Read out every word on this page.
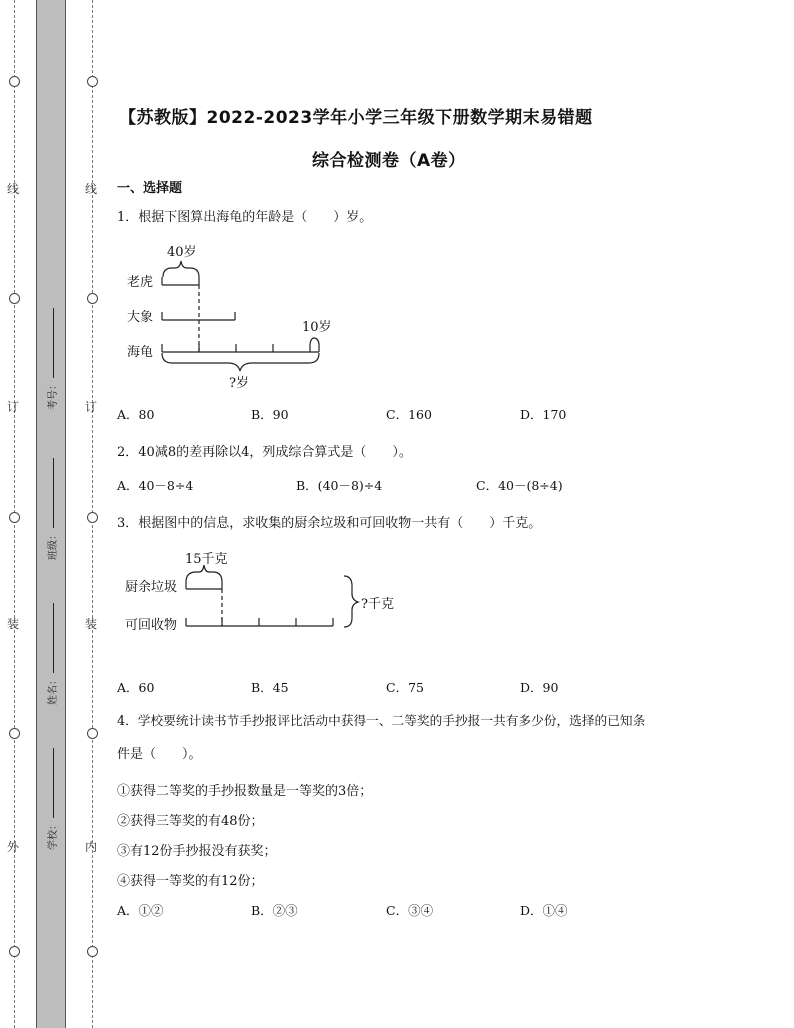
线
订
装
外
线
订
装
内
考号：
班级：
姓名：
学校：
【苏教版】2022-2023学年小学三年级下册数学期末易错题
综合检测卷（A卷）
一、选择题
1．根据下图算出海龟的年龄是（　　）岁。
40岁
老虎
大象
海龟
10岁
?岁
A．80	B．90	C．160	D．170
2．40减8的差再除以4，列成综合算式是（　　）。
A．40－8÷4	B．(40－8)÷4	C．40－(8÷4)
3．根据图中的信息，求收集的厨余垃圾和可回收物一共有（　　）千克。
15千克
厨余垃圾
可回收物
?千克
A．60	B．45	C．75	D．90
4．学校要统计读书节手抄报评比活动中获得一、二等奖的手抄报一共有多少份，选择的已知条
件是（　　）。
①获得二等奖的手抄报数量是一等奖的3倍；
②获得三等奖的有48份；
③有12份手抄报没有获奖；
④获得一等奖的有12份；
A．①②	B．②③	C．③④	D．①④
